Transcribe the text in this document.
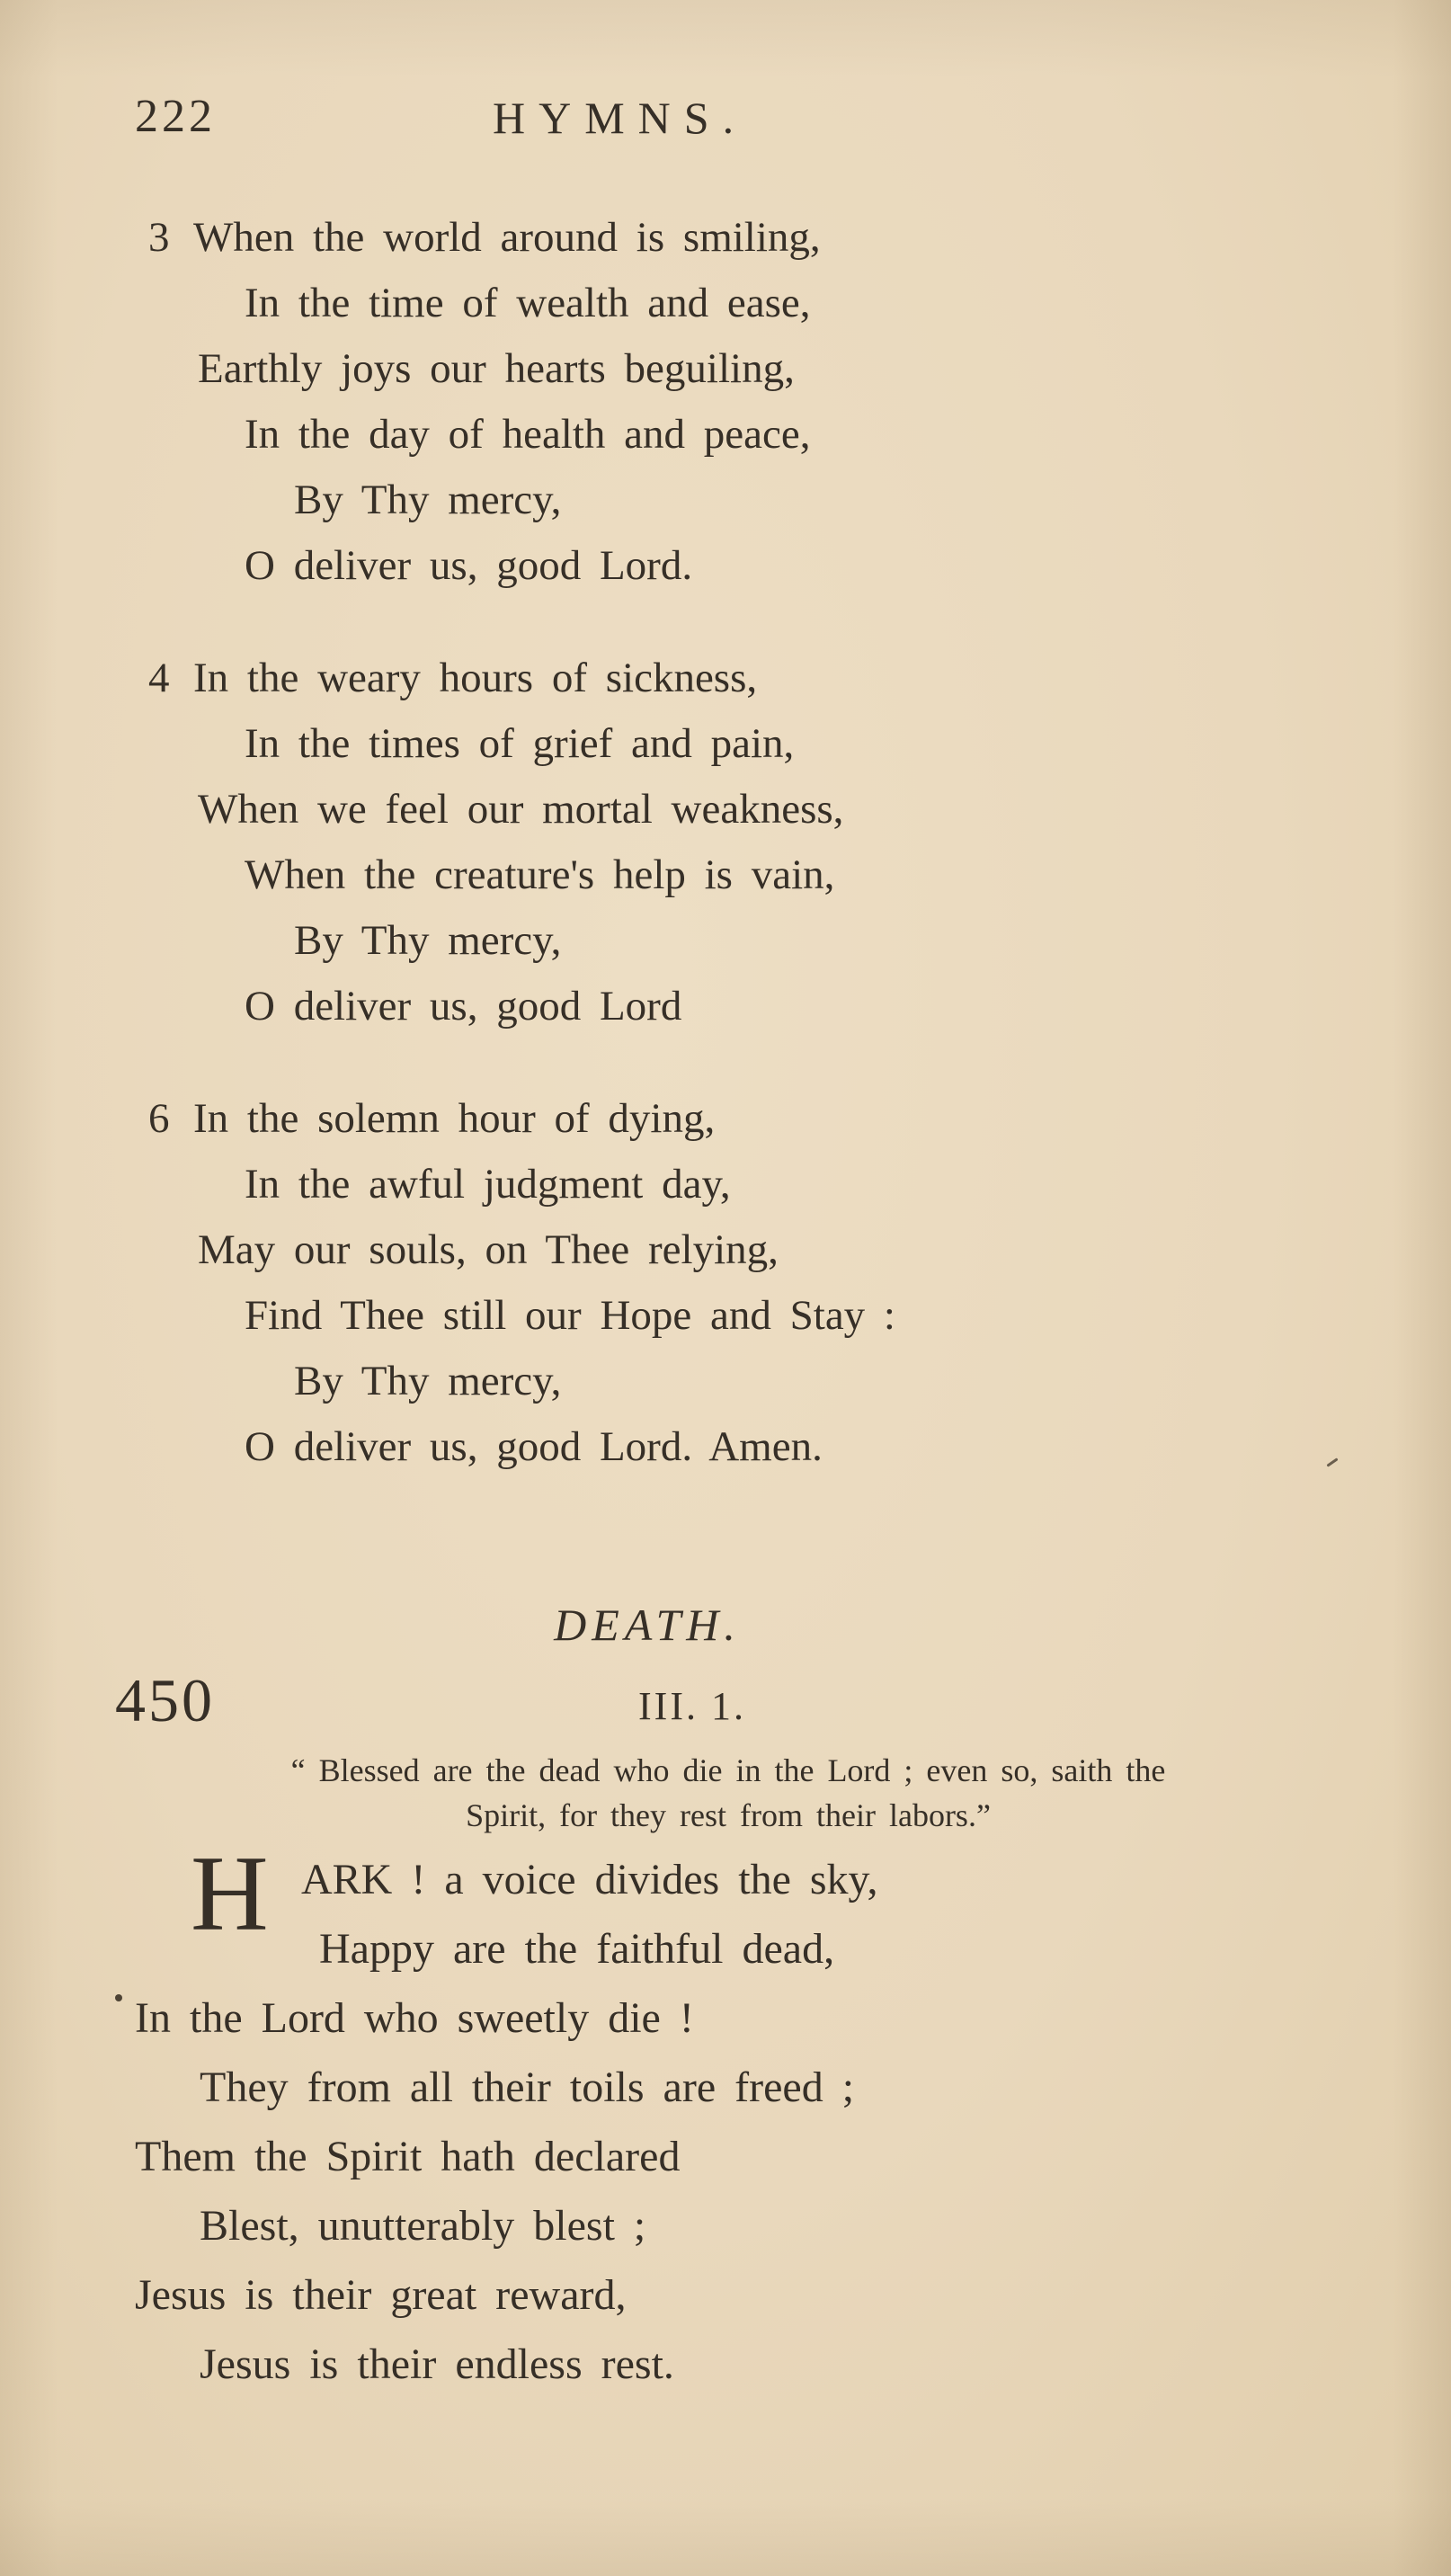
222	HYMNS.
3 When the world around is smiling,
In the time of wealth and ease,
Earthly joys our hearts beguiling,
In the day of health and peace,
By Thy mercy,
O deliver us, good Lord.
4 In the weary hours of sickness,
In the times of grief and pain,
When we feel our mortal weakness,
When the creature's help is vain,
By Thy mercy,
O deliver us, good Lord
6 In the solemn hour of dying,
In the awful judgment day,
May our souls, on Thee relying,
Find Thee still our Hope and Stay :
By Thy mercy,
O deliver us, good Lord. Amen.
DEATH.
450	III. 1.
“ Blessed are the dead who die in the Lord ; even so, saith the
Spirit, for they rest from their labors.”
H ARK ! a voice divides the sky,
Happy are the faithful dead,
In the Lord who sweetly die !
They from all their toils are freed ;
Them the Spirit hath declared
Blest, unutterably blest ;
Jesus is their great reward,
Jesus is their endless rest.
